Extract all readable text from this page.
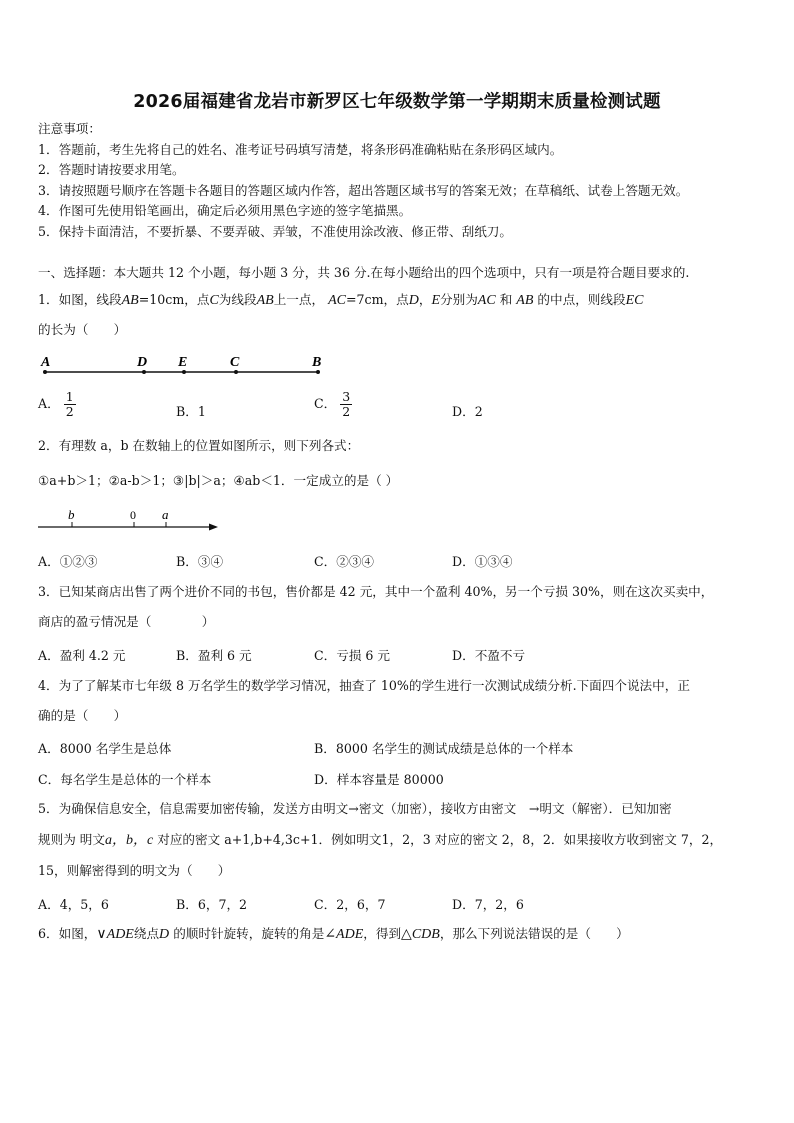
2026届福建省龙岩市新罗区七年级数学第一学期期末质量检测试题
注意事项：
1．答题前，考生先将自己的姓名、准考证号码填写清楚，将条形码准确粘贴在条形码区域内。
2．答题时请按要求用笔。
3．请按照题号顺序在答题卡各题目的答题区域内作答，超出答题区域书写的答案无效；在草稿纸、试卷上答题无效。
4．作图可先使用铅笔画出，确定后必须用黑色字迹的签字笔描黑。
5．保持卡面清洁，不要折暴、不要弄破、弄皱，不准使用涂改液、修正带、刮纸刀。
一、选择题：本大题共 12 个小题，每小题 3 分，共 36 分.在每小题给出的四个选项中，只有一项是符合题目要求的.
1．如图，线段AB=10cm，点C为线段AB上一点， AC=7cm，点D，E分别为AC 和 AB 的中点，则线段EC
的长为（　　）
A	D E	C	B
A． $\frac{1}{2}$	B．1
C． $\frac{3}{2}$	D．2
2．有理数 a，b 在数轴上的位置如图所示，则下列各式：
①a+b＞1；②a-b＞1；③|b|＞a；④ab＜1．一定成立的是（ ）
b	0 a
A．①②③	B．③④	C．②③④	D．①③④
3．已知某商店出售了两个进价不同的书包，售价都是 42 元，其中一个盈利 40%，另一个亏损 30%，则在这次买卖中，
商店的盈亏情况是（　　　　）
A．盈利 4.2 元	B．盈利 6 元	C．亏损 6 元	D．不盈不亏
4．为了了解某市七年级 8 万名学生的数学学习情况，抽查了 10%的学生进行一次测试成绩分析.下面四个说法中，正
确的是（　　）
A．8000 名学生是总体	B．8000 名学生的测试成绩是总体的一个样本
C．每名学生是总体的一个样本	D．样本容量是 80000
5．为确保信息安全，信息需要加密传输，发送方由明文→密文（加密），接收方由密文　→明文（解密）．已知加密
规则为 明文a，b，c 对应的密文 a+1,b+4,3c+1．例如明文1，2，3 对应的密文 2，8，2．如果接收方收到密文 7，2，
15，则解密得到的明文为（　　）
A．4，5，6	B．6，7，2	C．2，6，7	D．7，2，6
6．如图，∨ADE绕点D 的顺时针旋转，旋转的角是∠ADE，得到△CDB，那么下列说法错误的是（　　）
